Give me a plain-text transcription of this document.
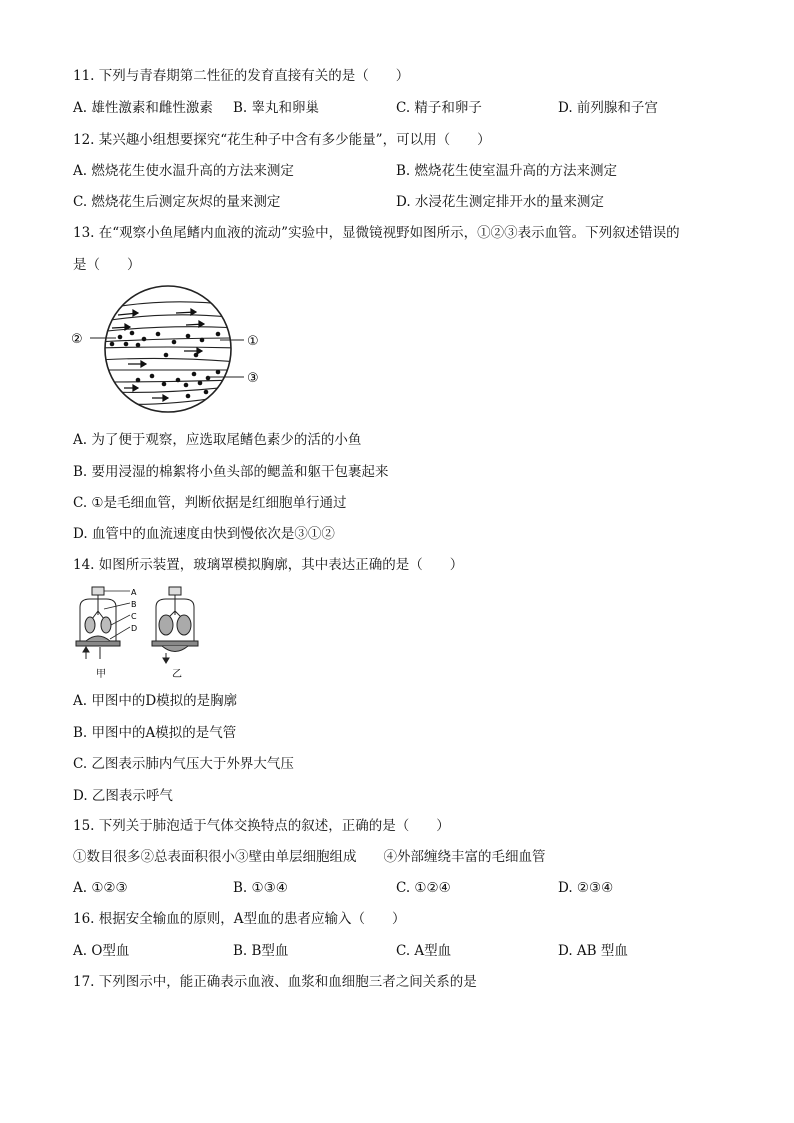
11. 下列与青春期第二性征的发育直接有关的是（　　）
A. 雄性激素和雌性激素 B. 睾丸和卵巢	C. 精子和卵子	D. 前列腺和子宫
12. 某兴趣小组想要探究“花生种子中含有多少能量”，可以用（　　）
A. 燃烧花生使水温升高的方法来测定	B. 燃烧花生使室温升高的方法来测定
C. 燃烧花生后测定灰烬的量来测定	D. 水浸花生测定排开水的量来测定
13. 在“观察小鱼尾鳍内血液的流动”实验中，显微镜视野如图所示，①②③表示血管。下列叙述错误的
是（　　）
②	①
③
A. 为了便于观察，应选取尾鳍色素少的活的小鱼
B. 要用浸湿的棉絮将小鱼头部的鳃盖和躯干包裹起来
C. ①是毛细血管，判断依据是红细胞单行通过
D. 血管中的血流速度由快到慢依次是③①②
14. 如图所示装置，玻璃罩模拟胸廓，其中表达正确的是（　　）
A
B
C
D
甲	乙
A. 甲图中的D模拟的是胸廓
B. 甲图中的A模拟的是气管
C. 乙图表示肺内气压大于外界大气压
D. 乙图表示呼气
15. 下列关于肺泡适于气体交换特点的叙述，正确的是（　　）
①数目很多②总表面积很小③壁由单层细胞组成　　④外部缠绕丰富的毛细血管
A. ①②③	B. ①③④	C. ①②④	D. ②③④
16. 根据安全输血的原则，A型血的患者应输入（　　）
A. O型血	B. B型血	C. A型血	D. AB 型血
17. 下列图示中，能正确表示血液、血浆和血细胞三者之间关系的是
